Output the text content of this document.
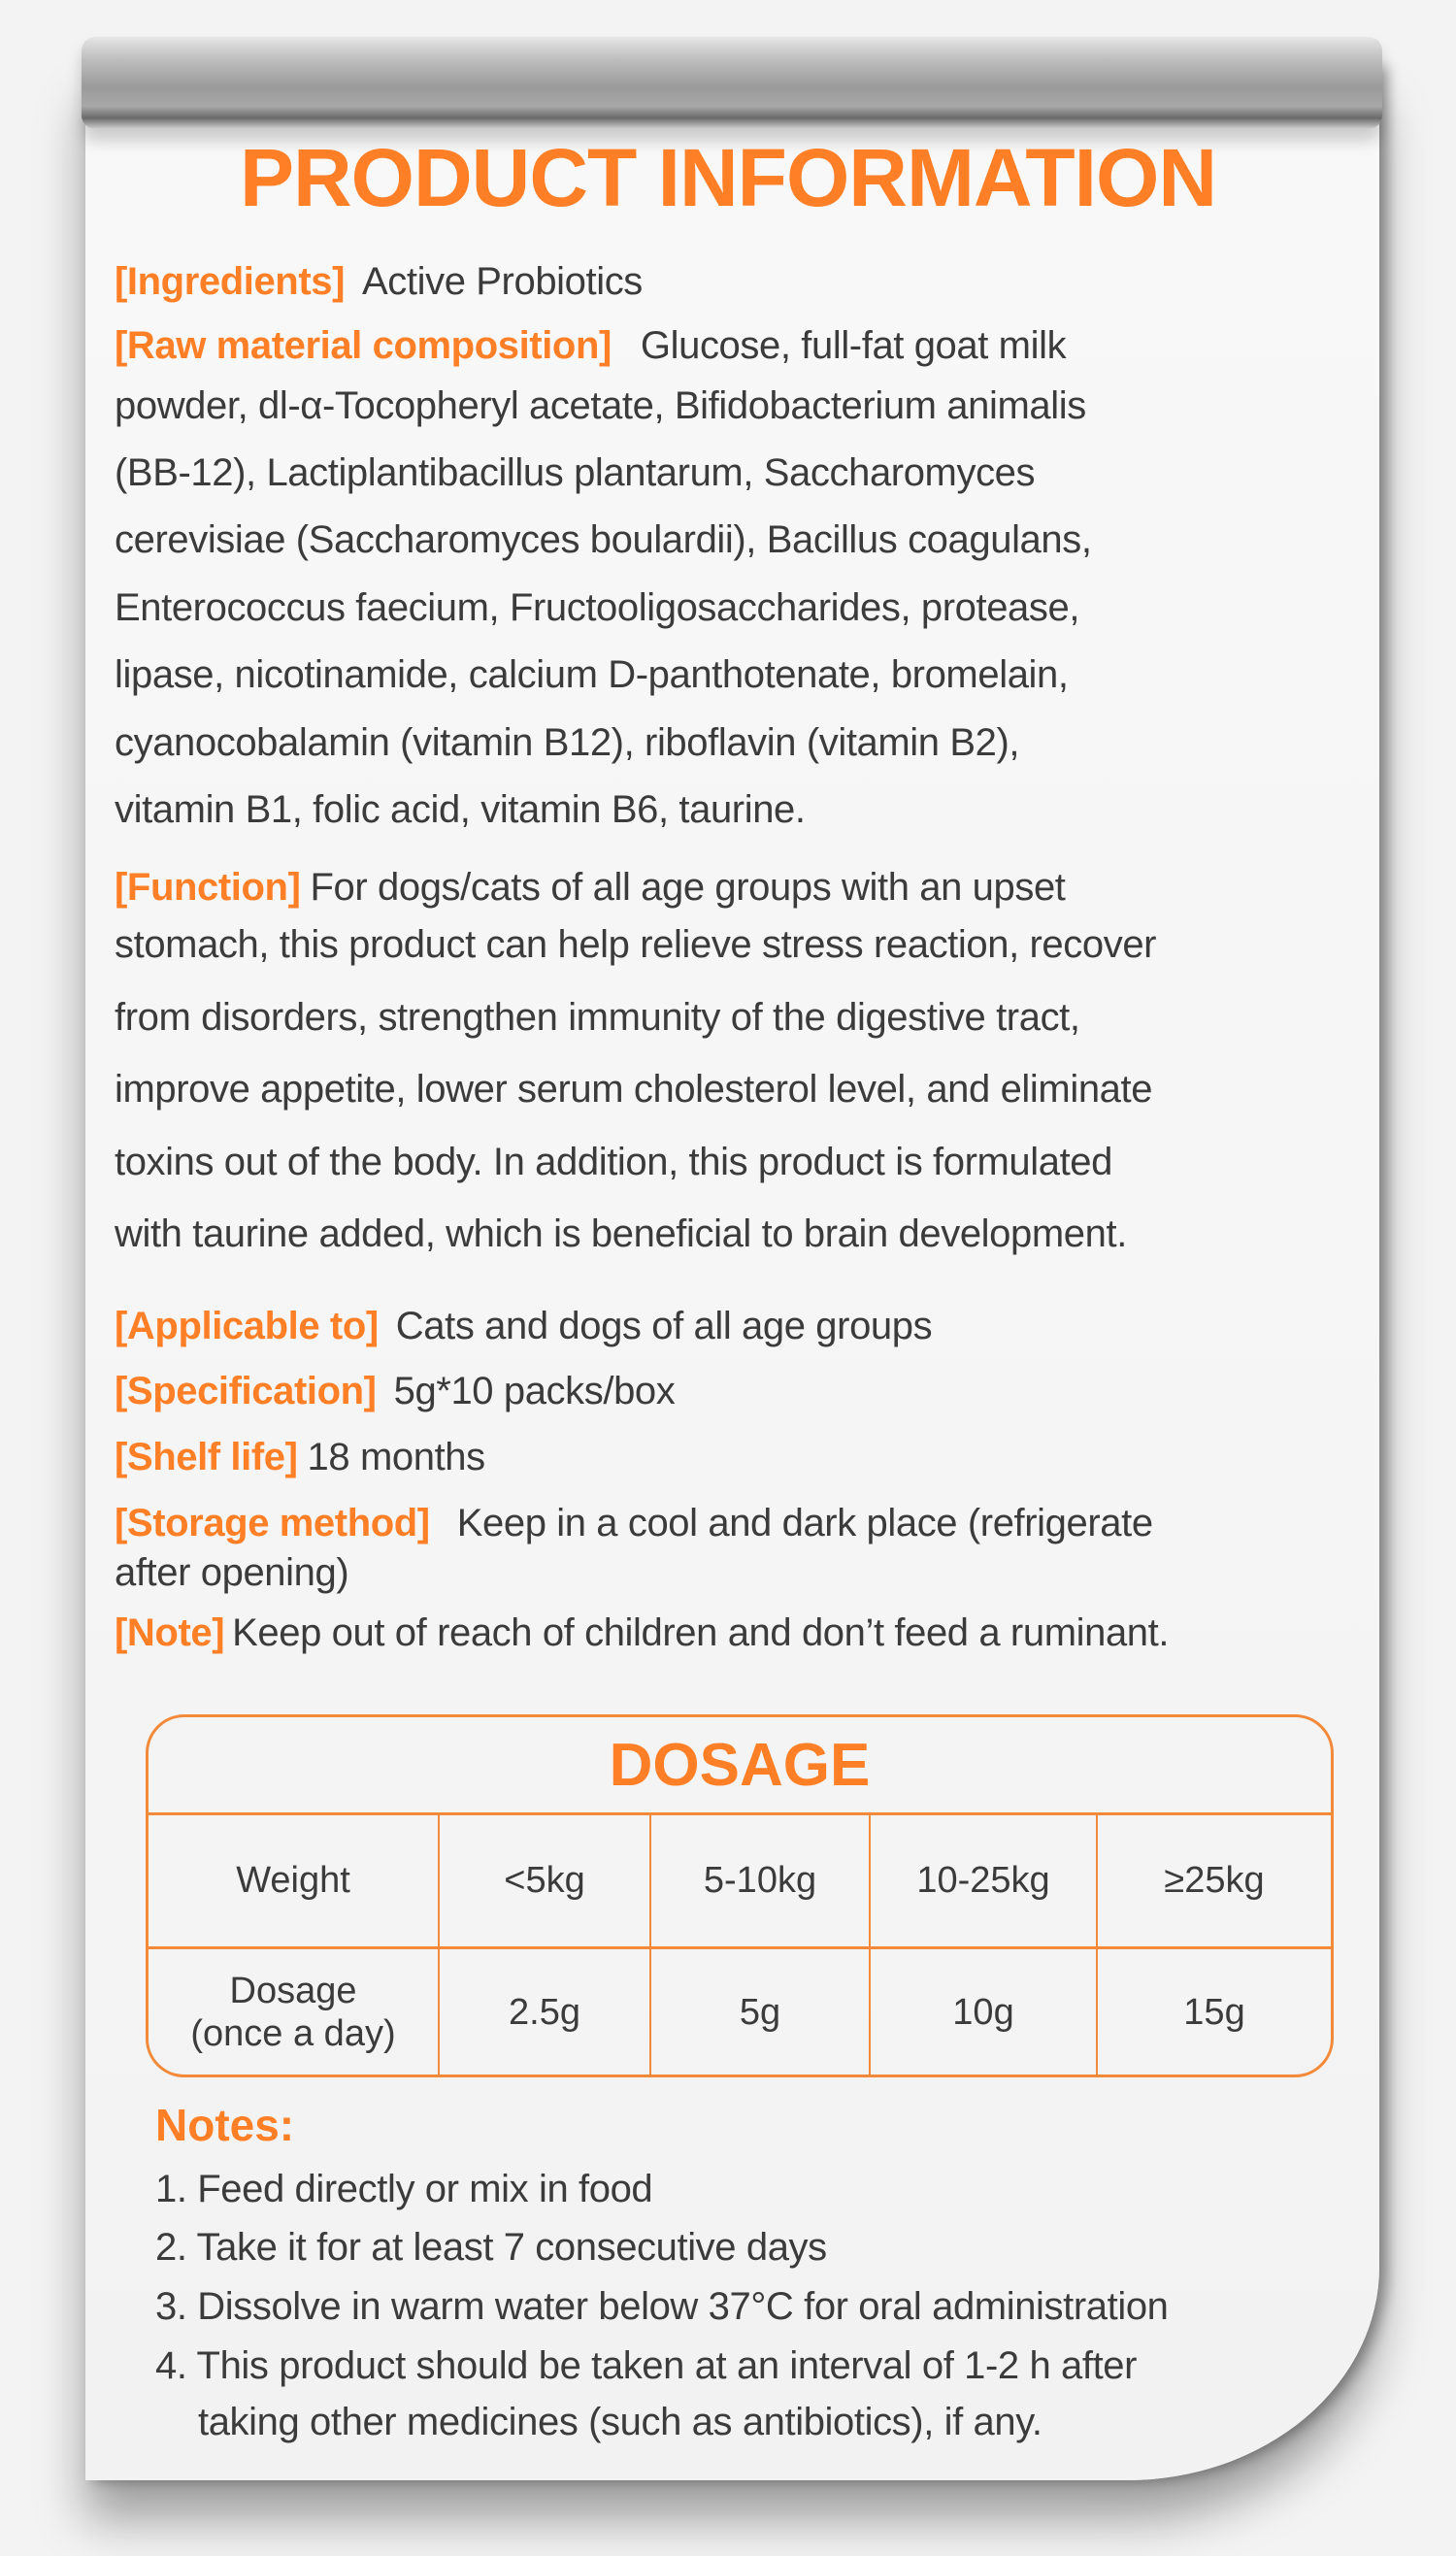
PRODUCT INFORMATION
[Ingredients] Active Probiotics
[Raw material composition] Glucose, full-fat goat milk
powder, dl-α-Tocopheryl acetate, Bifidobacterium animalis
(BB-12), Lactiplantibacillus plantarum, Saccharomyces
cerevisiae (Saccharomyces boulardii), Bacillus coagulans,
Enterococcus faecium, Fructooligosaccharides, protease,
lipase, nicotinamide, calcium D-panthotenate, bromelain,
cyanocobalamin (vitamin B12), riboflavin (vitamin B2),
vitamin B1, folic acid, vitamin B6, taurine.
[Function] For dogs/cats of all age groups with an upset
stomach, this product can help relieve stress reaction, recover
from disorders, strengthen immunity of the digestive tract,
improve appetite, lower serum cholesterol level, and eliminate
toxins out of the body. In addition, this product is formulated
with taurine added, which is beneficial to brain development.
[Applicable to] Cats and dogs of all age groups
[Specification] 5g*10 packs/box
[Shelf life] 18 months
[Storage method] Keep in a cool and dark place (refrigerate
after opening)
[Note] Keep out of reach of children and don’t feed a ruminant.
DOSAGE
Weight	<5kg	5-10kg	10-25kg	≥25kg
Dosage
(once a day)
2.5g	5g	10g	15g
Notes:
1. Feed directly or mix in food
2. Take it for at least 7 consecutive days
3. Dissolve in warm water below 37°C for oral administration
4. This product should be taken at an interval of 1-2 h after
taking other medicines (such as antibiotics), if any.
